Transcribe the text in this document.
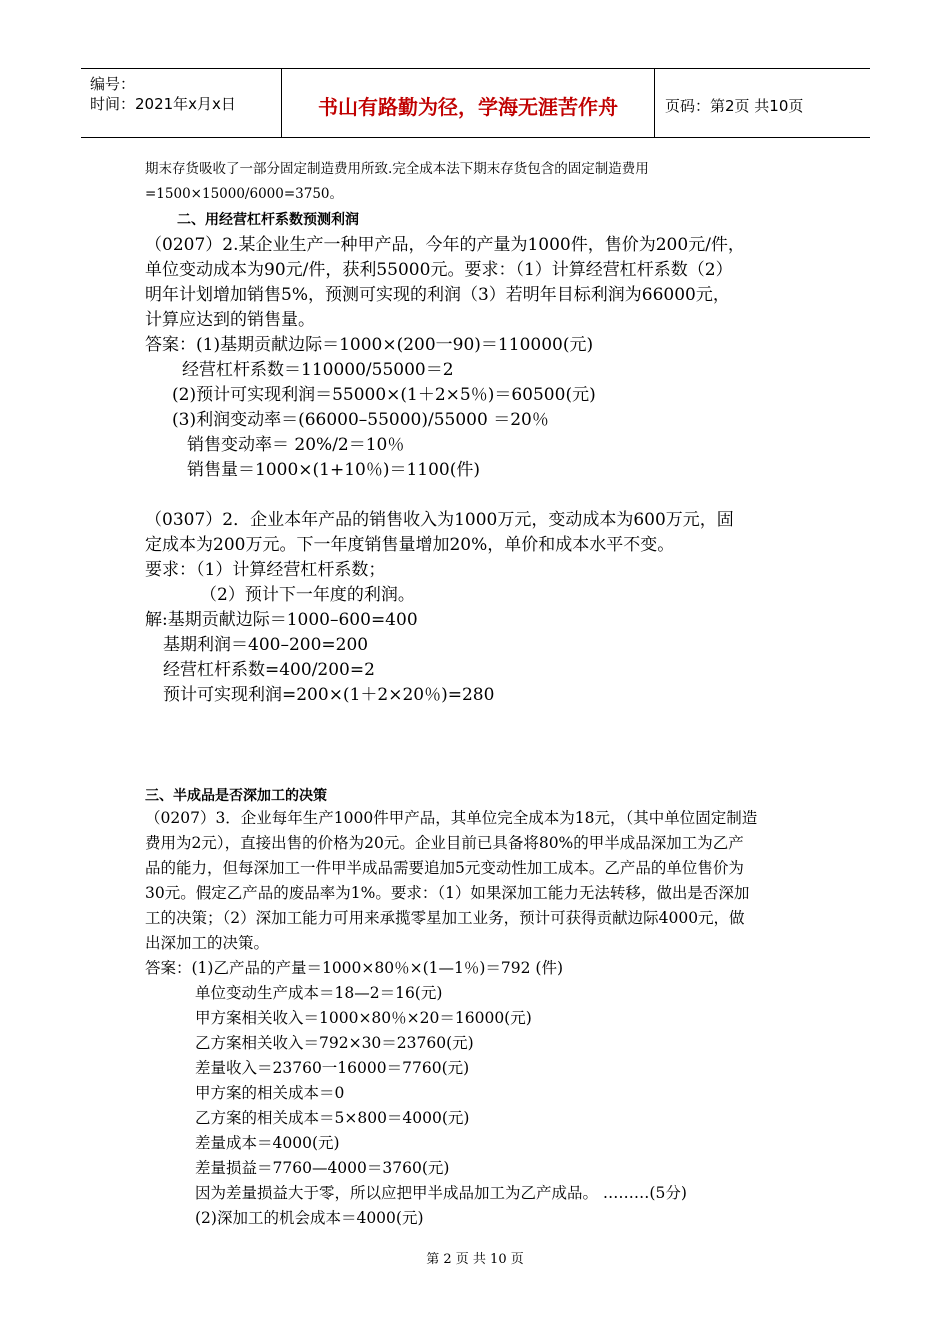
编号：
时间：2021年x月x日	书山有路勤为径，学海无涯苦作舟	页码：第2页 共10页
期末存货吸收了一部分固定制造费用所致.完全成本法下期末存货包含的固定制造费用
=1500×15000/6000=3750。
二、用经营杠杆系数预测利润
（0207）2.某企业生产一种甲产品，今年的产量为1000件，售价为200元/件，
单位变动成本为90元/件，获利55000元。要求：（1）计算经营杠杆系数（2）
明年计划增加销售5%，预测可实现的利润（3）若明年目标利润为66000元，
计算应达到的销售量。
答案：(1)基期贡献边际＝1000×(200一90)＝110000(元)
经营杠杆系数＝110000/55000＝2
(2)预计可实现利润＝55000×(1＋2×5％)＝60500(元)
(3)利润变动率＝(66000–55000)/55000 ＝20％
销售变动率＝ 20%/2＝10％
销售量＝1000×(1+10％)＝1100(件)
（0307）2．企业本年产品的销售收入为1000万元，变动成本为600万元，固
定成本为200万元。下一年度销售量增加20%，单价和成本水平不变。
要求：（1）计算经营杠杆系数；
（2）预计下一年度的利润。
解:基期贡献边际＝1000–600=400
基期利润＝400–200=200
经营杠杆系数=400/200=2
预计可实现利润=200×(1＋2×20％)=280
三、半成品是否深加工的决策
（0207）3．企业每年生产1000件甲产品，其单位完全成本为18元，（其中单位固定制造
费用为2元），直接出售的价格为20元。企业目前已具备将80%的甲半成品深加工为乙产
品的能力，但每深加工一件甲半成品需要追加5元变动性加工成本。乙产品的单位售价为
30元。假定乙产品的废品率为1%。要求：（1）如果深加工能力无法转移，做出是否深加
工的决策；（2）深加工能力可用来承揽零星加工业务，预计可获得贡献边际4000元，做
出深加工的决策。
答案：(1)乙产品的产量＝1000×80％×(1—1％)＝792 (件)
单位变动生产成本＝18—2＝16(元)
甲方案相关收入＝1000×80％×20＝16000(元)
乙方案相关收入＝792×30＝23760(元)
差量收入＝23760一16000＝7760(元)
甲方案的相关成本＝0
乙方案的相关成本＝5×800＝4000(元)
差量成本＝4000(元)
差量损益＝7760—4000＝3760(元)
因为差量损益大于零，所以应把甲半成品加工为乙产成品。 ………(5分)
(2)深加工的机会成本＝4000(元)
第 2 页 共 10 页
